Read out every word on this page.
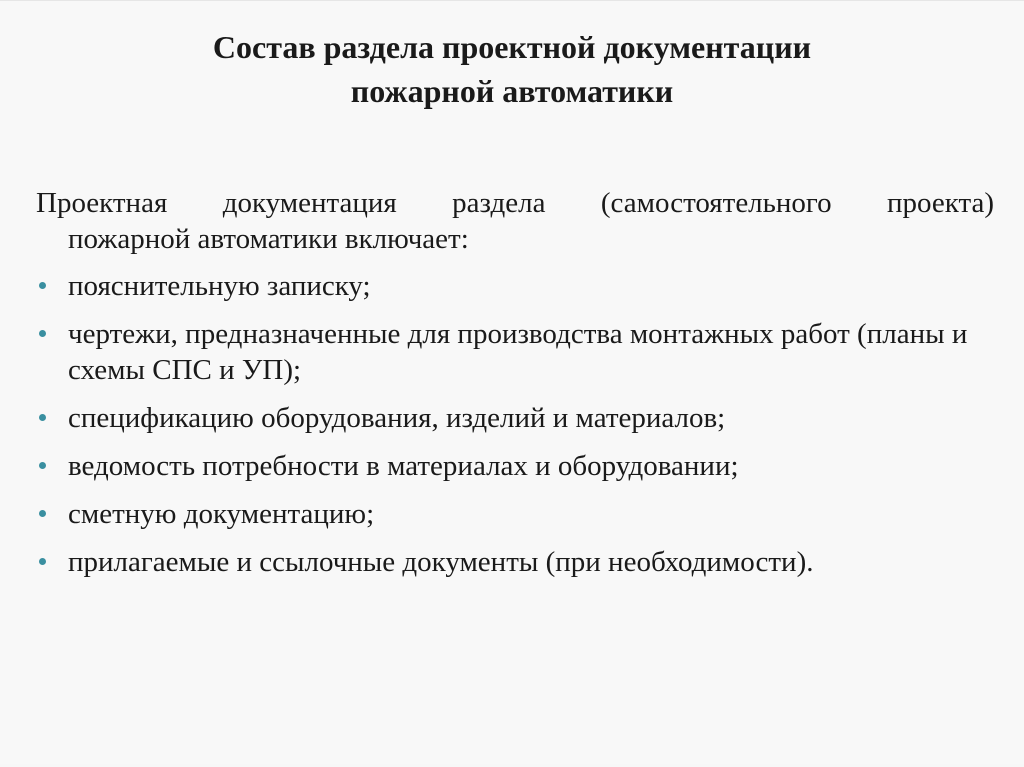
Состав раздела проектной документации
пожарной автоматики

Проектная документация раздела (самостоятельного проекта)
пожарной автоматики включает:

пояснительную записку;
чертежи, предназначенные для производства монтажных работ (планы и схемы СПС и УП);
спецификацию оборудования, изделий и материалов;
ведомость потребности в материалах и оборудовании;
сметную документацию;
прилагаемые и ссылочные документы (при необходимости).
